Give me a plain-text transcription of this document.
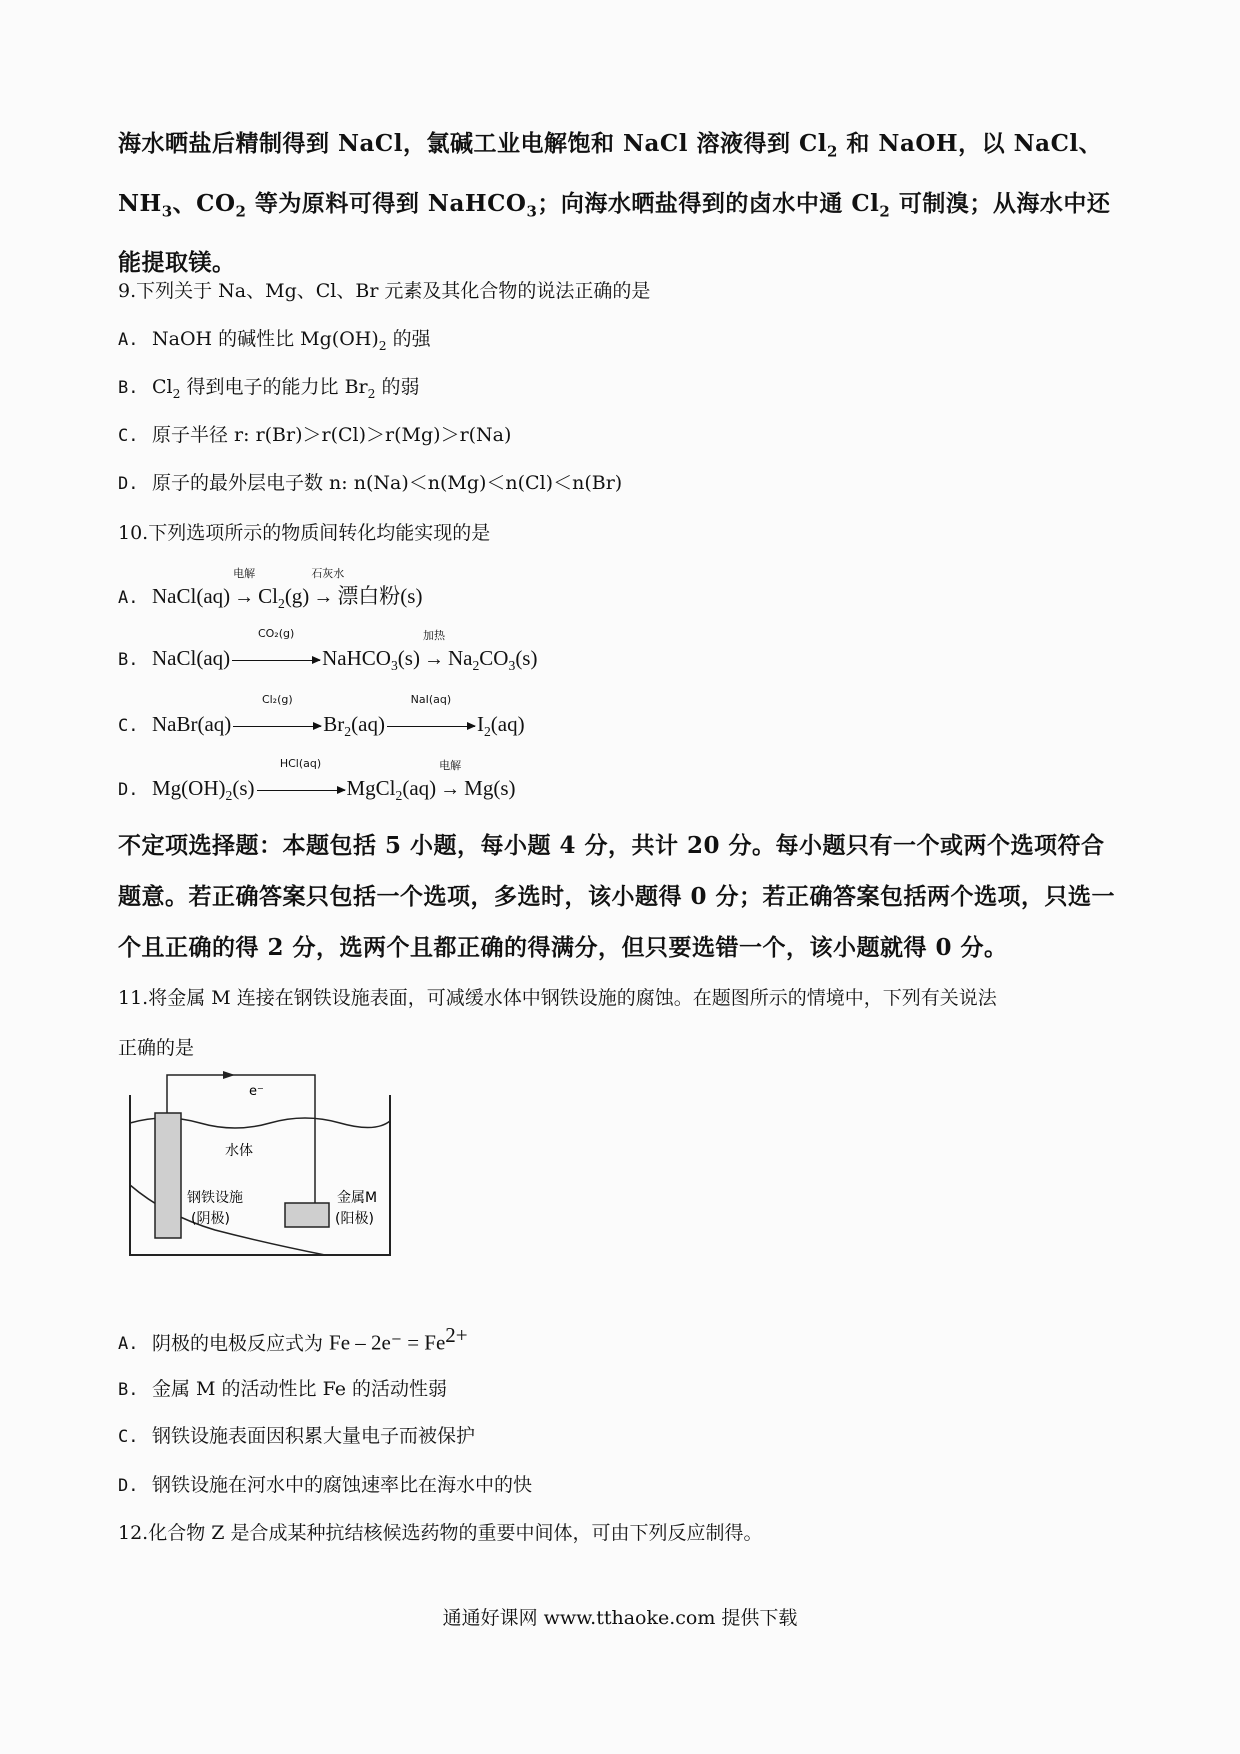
海水晒盐后精制得到 NaCl，氯碱工业电解饱和 NaCl 溶液得到 $Cl_2$ 和 NaOH，以 NaCl、$NH_3$、$CO_2$ 等为原料可得到 NaHCO$_3$；向海水晒盐得到的卤水中通 $Cl_2$ 可制溴；从海水中还能提取镁。

9.下列关于 Na、Mg、Cl、Br 元素及其化合物的说法正确的是
A. NaOH 的碱性比 $Mg(OH)_2$ 的强
B. $Cl_2$ 得到电子的能力比 $Br_2$ 的弱
C. 原子半径 r: r(Br)＞r(Cl)＞r(Mg)＞r(Na)
D. 原子的最外层电子数 n: n(Na)＜n(Mg)＜n(Cl)＜n(Br)
10.下列选项所示的物质间转化均能实现的是
A. NaCl(aq)
电解
→ $Cl_2(g)$
石灰水
→ 漂白粉(s)
B. NaCl(aq)
CO₂(g)
NaHCO$_3$(s)
加热
→ $Na_2CO_3(s)$
C. NaBr(aq)
Cl₂(g)
$Br_2(aq)$
NaI(aq)
$I_2(aq)$
D. $Mg(OH)_2(s)$
HCl(aq)
MgCl$_2$(aq)
电解
→ Mg(s)

不定项选择题：本题包括 5 小题，每小题 4 分，共计 20 分。每小题只有一个或两个选项符合题意。若正确答案只包括一个选项，多选时，该小题得 0 分；若正确答案包括两个选项，只选一个且正确的得 2 分，选两个且都正确的得满分，但只要选错一个，该小题就得 0 分。

11.将金属 M 连接在钢铁设施表面，可减缓水体中钢铁设施的腐蚀。在题图所示的情境中，下列有关说法
正确的是
e⁻
水体
钢铁设施
(阴极)
金属M
(阳极)
A. 阴极的电极反应式为 $Fe - 2e^- = Fe^{2+}$
B. 金属 M 的活动性比 Fe 的活动性弱
C. 钢铁设施表面因积累大量电子而被保护
D. 钢铁设施在河水中的腐蚀速率比在海水中的快
12.化合物 Z 是合成某种抗结核候选药物的重要中间体，可由下列反应制得。
通通好课网 www.tthaoke.com 提供下载
